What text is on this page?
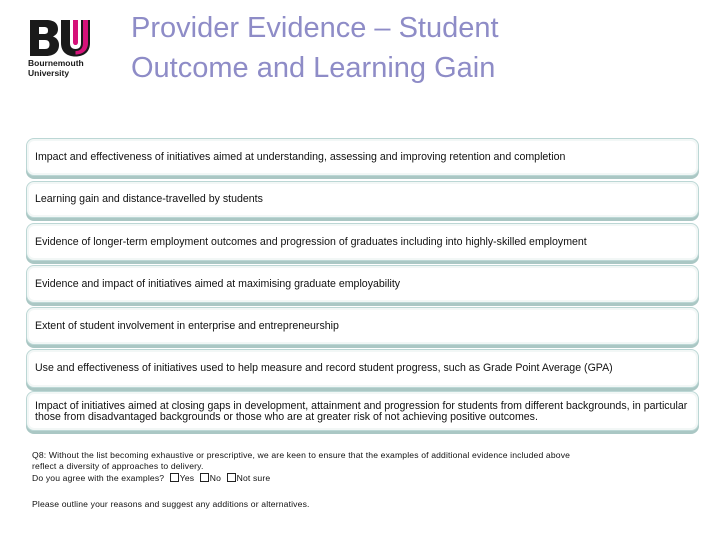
Bournemouth
University
Provider Evidence – Student
Outcome and Learning Gain
Impact and effectiveness of initiatives aimed at understanding, assessing and improving retention and completion
Learning gain and distance-travelled by students
Evidence of longer-term employment outcomes and progression of graduates including into highly-skilled employment
Evidence and impact of initiatives aimed at maximising graduate employability
Extent of student involvement in enterprise and entrepreneurship
Use and effectiveness of initiatives used to help measure and record student progress, such as Grade Point Average (GPA)
Impact of initiatives aimed at closing gaps in development, attainment and progression for students from different backgrounds, in particular those from disadvantaged backgrounds or those who are at greater risk of not achieving positive outcomes.

Q8: Without the list becoming exhaustive or prescriptive, we are keen to ensure that the examples of additional evidence included above

reflect a diversity of approaches to delivery.

Do you agree with the examples? Yes No Not sure

Please outline your reasons and suggest any additions or alternatives.
